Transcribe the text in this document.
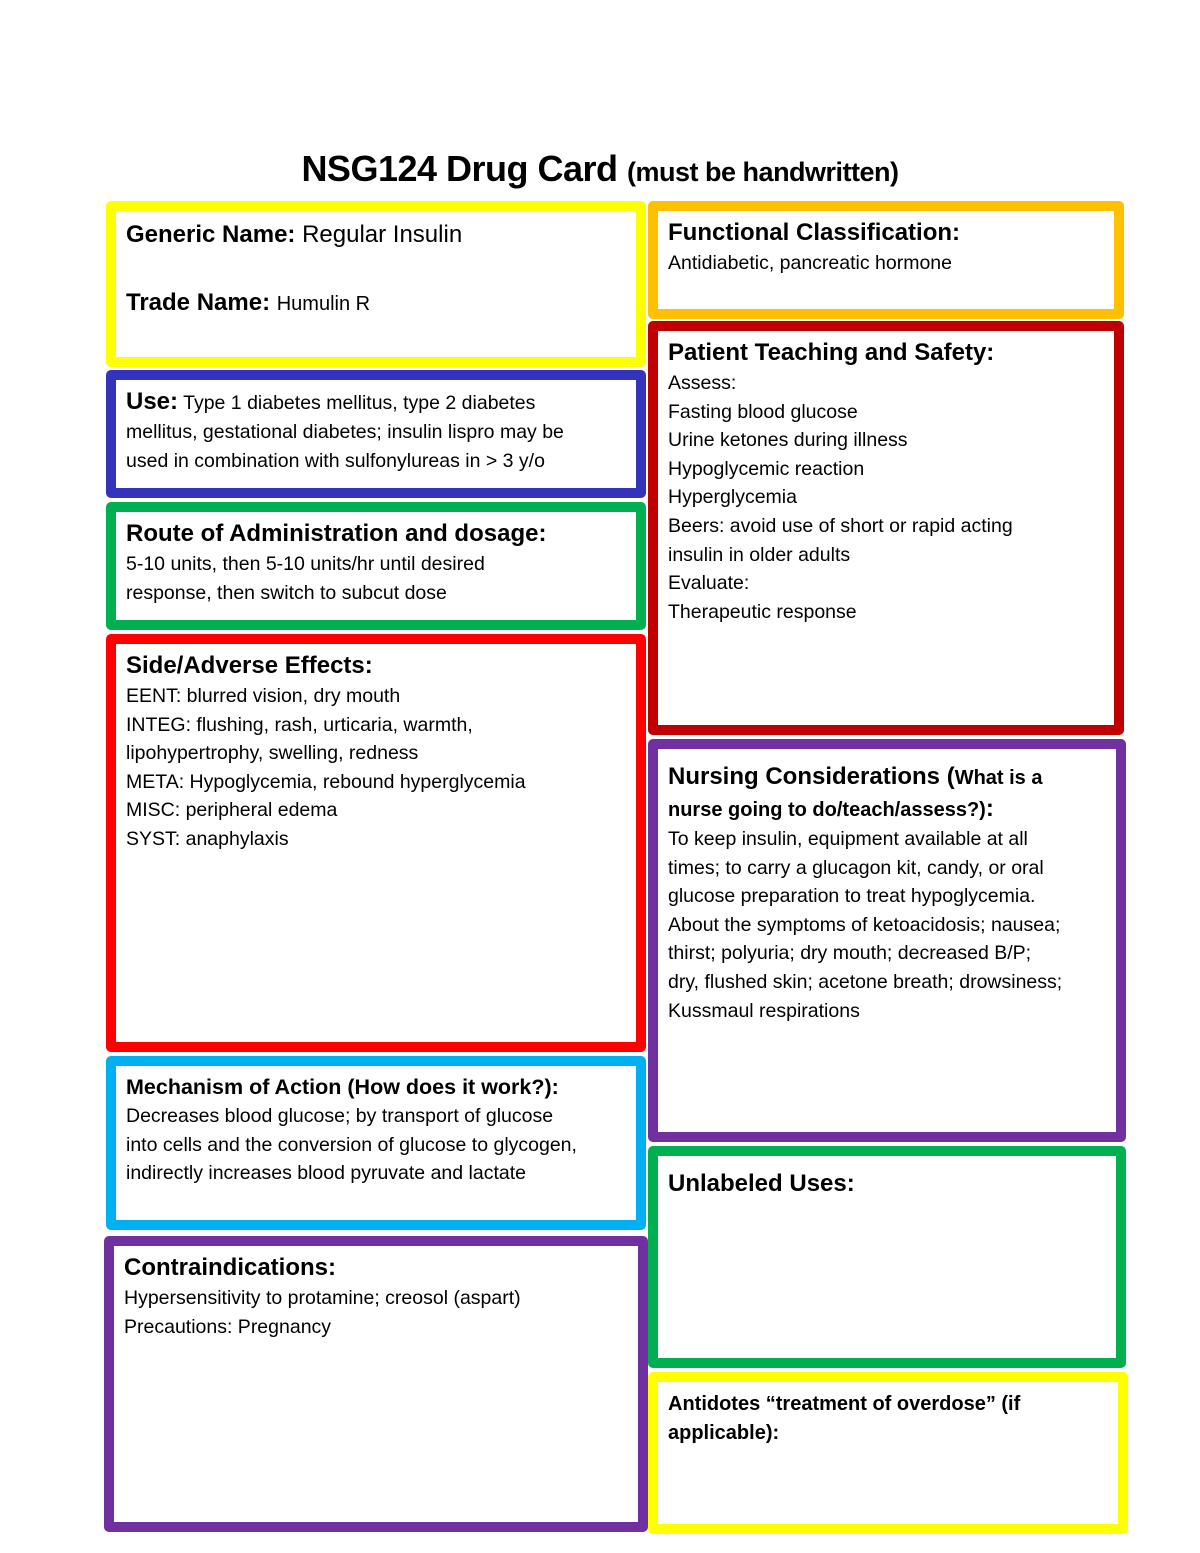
NSG124 Drug Card (must be handwritten)
Generic Name: Regular Insulin
Trade Name: Humulin R

Use: Type 1 diabetes mellitus, type 2 diabetes
mellitus, gestational diabetes; insulin lispro may be
used in combination with sulfonylureas in > 3 y/o

Route of Administration and dosage:
5-10 units, then 5-10 units/hr until desired
response, then switch to subcut dose
Side/Adverse Effects:
EENT: blurred vision, dry mouth
INTEG: flushing, rash, urticaria, warmth,
lipohypertrophy, swelling, redness
META: Hypoglycemia, rebound hyperglycemia
MISC: peripheral edema
SYST: anaphylaxis
Mechanism of Action (How does it work?):
Decreases blood glucose; by transport of glucose
into cells and the conversion of glucose to glycogen,
indirectly increases blood pyruvate and lactate
Contraindications:
Hypersensitivity to protamine; creosol (aspart)
Precautions: Pregnancy
Functional Classification:
Antidiabetic, pancreatic hormone
Patient Teaching and Safety:
Assess:
Fasting blood glucose
Urine ketones during illness
Hypoglycemic reaction
Hyperglycemia
Beers: avoid use of short or rapid acting
insulin in older adults
Evaluate:
Therapeutic response
Nursing Considerations (What is a
nurse going to do/teach/assess?):
To keep insulin, equipment available at all
times; to carry a glucagon kit, candy, or oral
glucose preparation to treat hypoglycemia.
About the symptoms of ketoacidosis; nausea;
thirst; polyuria; dry mouth; decreased B/P;
dry, flushed skin; acetone breath; drowsiness;
Kussmaul respirations
Unlabeled Uses:
Antidotes “treatment of overdose” (if
applicable):
